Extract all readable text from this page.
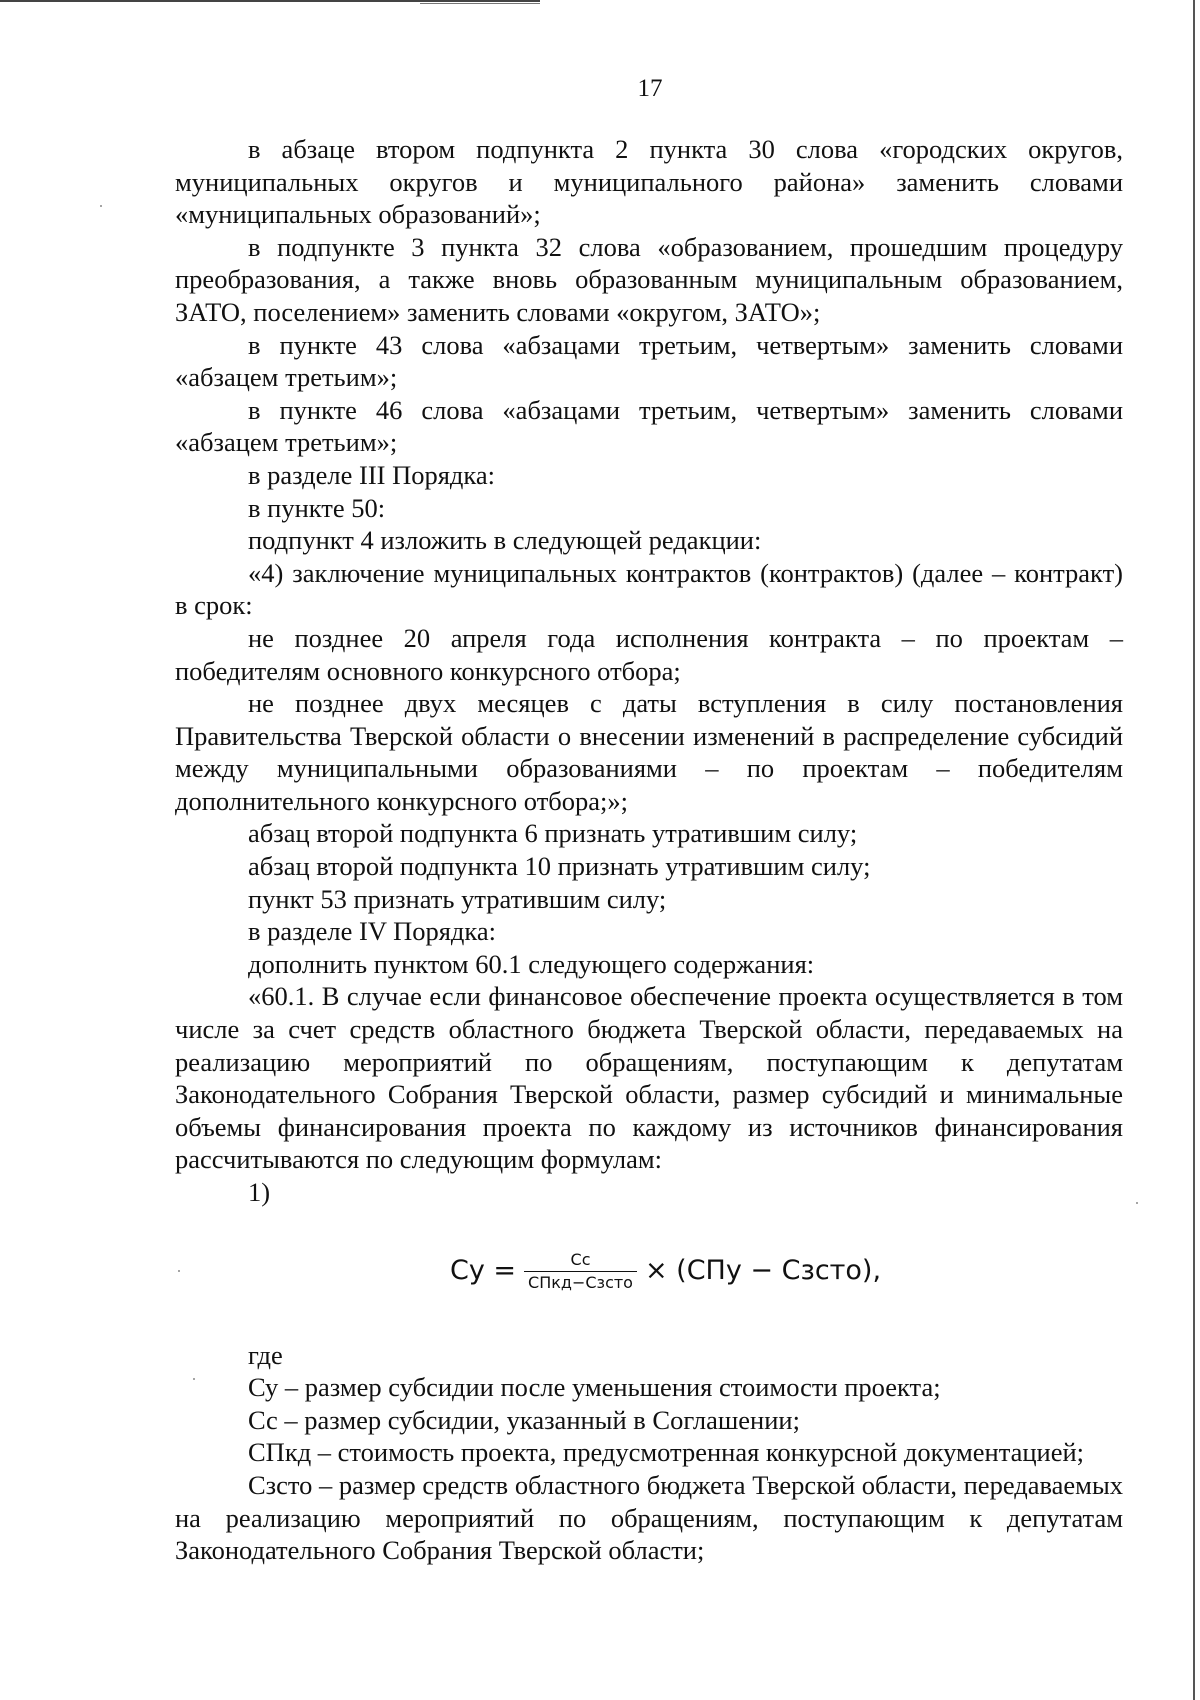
17

в абзаце втором подпункта 2 пункта 30 слова «городских округов, муниципальных округов и муниципального района» заменить словами «муниципальных образований»;

в подпункте 3 пункта 32 слова «образованием, прошедшим процедуру преобразования, а также вновь образованным муниципальным образованием, ЗАТО, поселением» заменить словами «округом, ЗАТО»;

в пункте 43 слова «абзацами третьим, четвертым» заменить словами «абзацем третьим»;

в пункте 46 слова «абзацами третьим, четвертым» заменить словами «абзацем третьим»;

в разделе III Порядка:

в пункте 50:

подпункт 4 изложить в следующей редакции:

«4) заключение муниципальных контрактов (контрактов) (далее – контракт) в срок:

не позднее 20 апреля года исполнения контракта – по проектам – победителям основного конкурсного отбора;

не позднее двух месяцев с даты вступления в силу постановления Правительства Тверской области о внесении изменений в распределение субсидий между муниципальными образованиями – по проектам – победителям дополнительного конкурсного отбора;»;

абзац второй подпункта 6 признать утратившим силу;

абзац второй подпункта 10 признать утратившим силу;

пункт 53 признать утратившим силу;

в разделе IV Порядка:

дополнить пунктом 60.1 следующего содержания:

«60.1. В случае если финансовое обеспечение проекта осуществляется в том числе за счет средств областного бюджета Тверской области, передаваемых на реализацию мероприятий по обращениям, поступающим к депутатам Законодательного Собрания Тверской области, размер субсидий и минимальные объемы финансирования проекта по каждому из источников финансирования рассчитываются по следующим формулам:

1)

Су = $\frac{Сс}{\text{СПкд−Сзсто}} \times (СПу$ − Сзсто),

где

Су – размер субсидии после уменьшения стоимости проекта;

Сс – размер субсидии, указанный в Соглашении;

СПкд – стоимость проекта, предусмотренная конкурсной документацией;

Сзсто – размер средств областного бюджета Тверской области, передаваемых на реализацию мероприятий по обращениям, поступающим к депутатам Законодательного Собрания Тверской области;
